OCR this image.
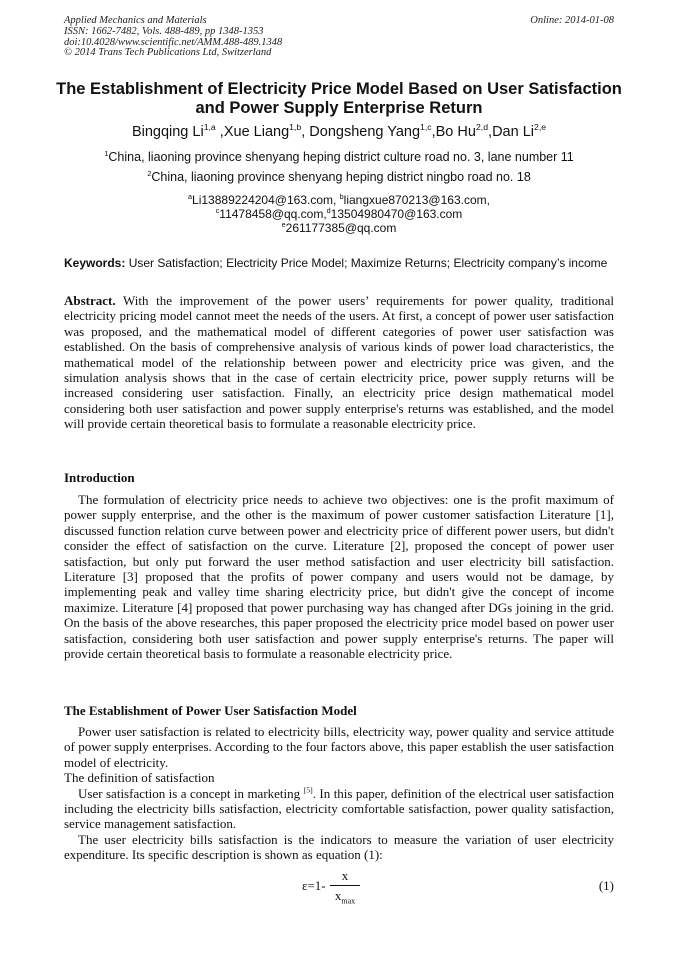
Applied Mechanics and Materials
ISSN: 1662-7482, Vols. 488-489, pp 1348-1353
doi:10.4028/www.scientific.net/AMM.488-489.1348
© 2014 Trans Tech Publications Ltd, Switzerland
Online: 2014-01-08
The Establishment of Electricity Price Model Based on User Satisfaction
and Power Supply Enterprise Return
Bingqing Li$^{1,a}$ ,Xue Liang$^{1,b}$, Dongsheng Yang$^{1,c}$,Bo Hu$^{2,d}$,Dan Li$^{2,e}$
$^1$China, liaoning province shenyang heping district culture road no. 3, lane number 11
$^2$China, liaoning province shenyang heping district ningbo road no. 18
$^a$Li13889224204@163.com, $^b$liangxue870213@163.com,
$^c$11478458@qq.com,$^d$13504980470@163.com
$^e$261177385@qq.com
Keywords: User Satisfaction; Electricity Price Model; Maximize Returns; Electricity company’s income
Abstract. With the improvement of the power users’ requirements for power quality, traditional electricity pricing model cannot meet the needs of the users. At first, a concept of power user satisfaction was proposed, and the mathematical model of different categories of power user satisfaction was established. On the basis of comprehensive analysis of various kinds of power load characteristics, the mathematical model of the relationship between power and electricity price was given, and the simulation analysis shows that in the case of certain electricity price, power supply returns will be increased considering user satisfaction. Finally, an electricity price design mathematical model considering both user satisfaction and power supply enterprise's returns was established, and the model will provide certain theoretical basis to formulate a reasonable electricity price.
Introduction
The formulation of electricity price needs to achieve two objectives: one is the profit maximum of power supply enterprise, and the other is the maximum of power customer satisfaction Literature [1], discussed function relation curve between power and electricity price of different power users, but didn't consider the effect of satisfaction on the curve. Literature [2], proposed the concept of power user satisfaction, but only put forward the user method satisfaction and user electricity bill satisfaction. Literature [3] proposed that the profits of power company and users would not be damage, by implementing peak and valley time sharing electricity price, but didn't give the concept of income maximize. Literature [4] proposed that power purchasing way has changed after DGs joining in the grid. On the basis of the above researches, this paper proposed the electricity price model based on power user satisfaction, considering both user satisfaction and power supply enterprise's returns. The paper will provide certain theoretical basis to formulate a reasonable electricity price.
The Establishment of Power User Satisfaction Model
Power user satisfaction is related to electricity bills, electricity way, power quality and service attitude of power supply enterprises. According to the four factors above, this paper establish the user satisfaction model of electricity.
The definition of satisfaction
User satisfaction is a concept in marketing [5]. In this paper, definition of the electrical user satisfaction including the electricity bills satisfaction, electricity comfortable satisfaction, power quality satisfaction, service management satisfaction.
The user electricity bills satisfaction is the indicators to measure the variation of user electricity expenditure. Its specific description is shown as equation (1):
ε=1-
x
$x_{max}$
(1)
